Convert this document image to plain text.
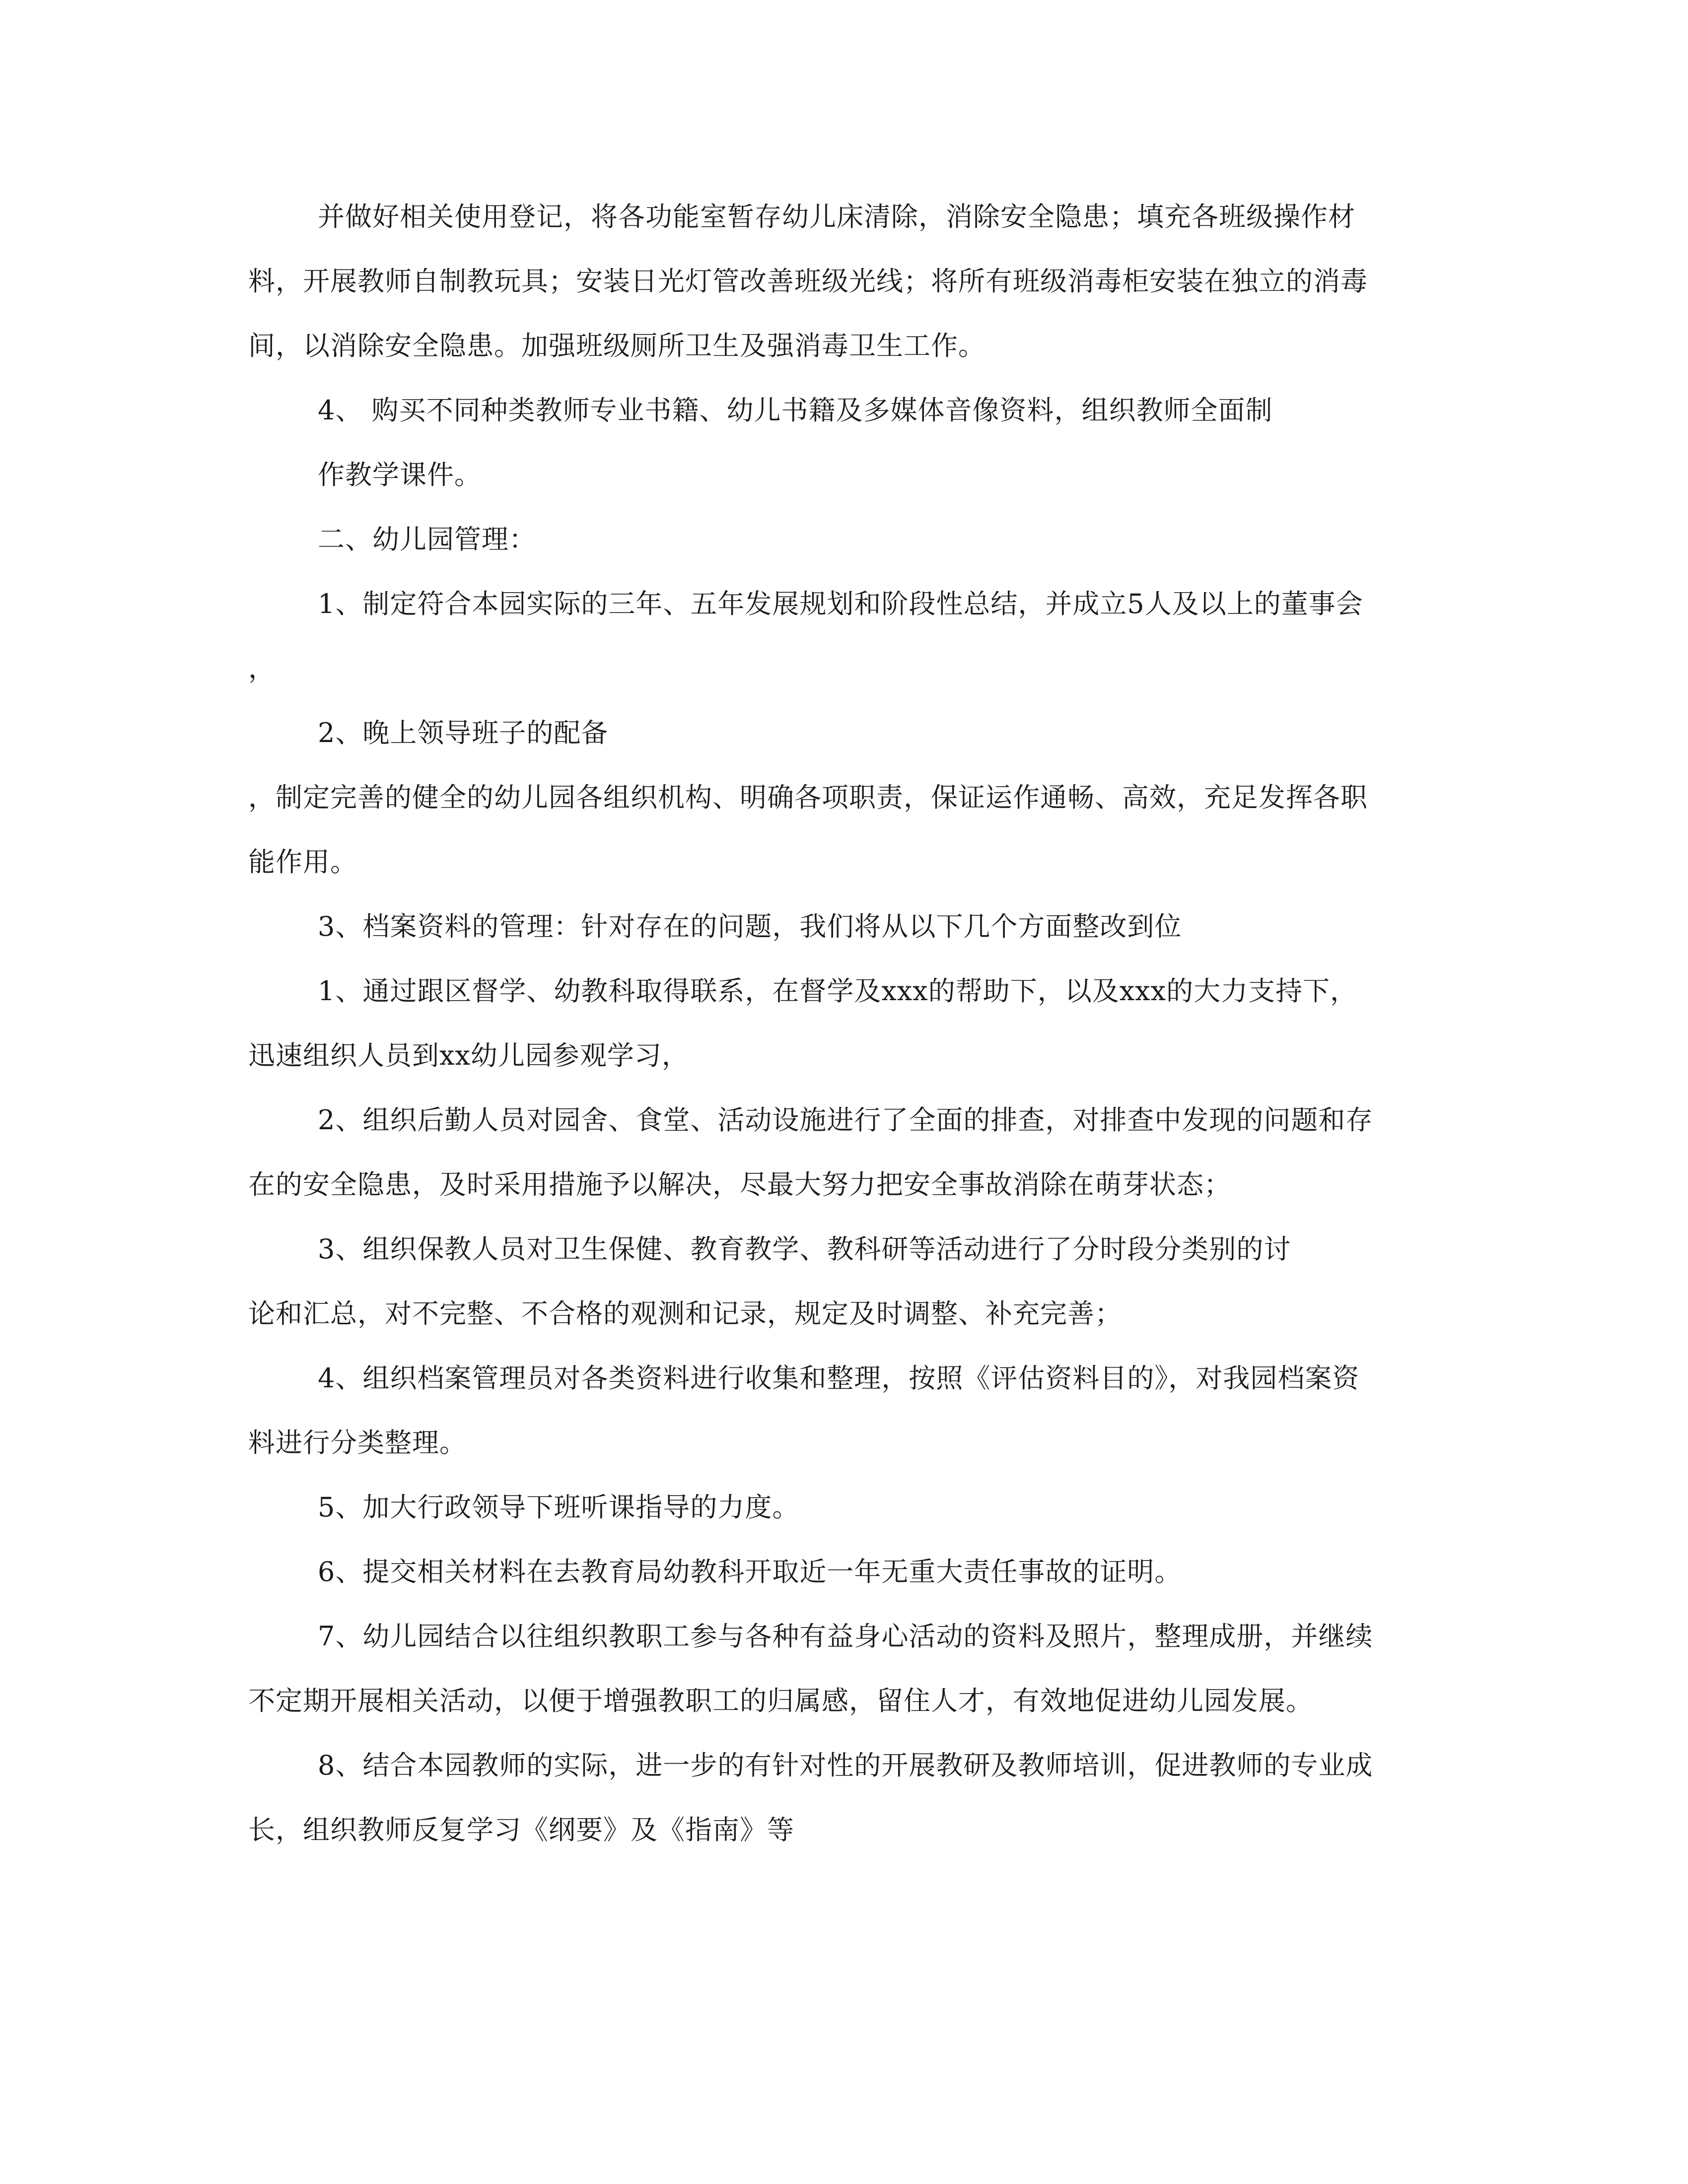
并做好相关使用登记，将各功能室暂存幼儿床清除，消除安全隐患；填充各班级操作材
料，开展教师自制教玩具；安装日光灯管改善班级光线；将所有班级消毒柜安装在独立的消毒
间，以消除安全隐患。加强班级厕所卫生及强消毒卫生工作。
4、 购买不同种类教师专业书籍、幼儿书籍及多媒体音像资料，组织教师全面制
作教学课件。
二、幼儿园管理：
1、制定符合本园实际的三年、五年发展规划和阶段性总结，并成立5人及以上的董事会
，
2、晚上领导班子的配备
，制定完善的健全的幼儿园各组织机构、明确各项职责，保证运作通畅、高效，充足发挥各职
能作用。
3、档案资料的管理：针对存在的问题，我们将从以下几个方面整改到位
1、通过跟区督学、幼教科取得联系，在督学及xxx的帮助下，以及xxx的大力支持下，
迅速组织人员到xx幼儿园参观学习，
2、组织后勤人员对园舍、食堂、活动设施进行了全面的排查，对排查中发现的问题和存
在的安全隐患，及时采用措施予以解决，尽最大努力把安全事故消除在萌芽状态；
3、组织保教人员对卫生保健、教育教学、教科研等活动进行了分时段分类别的讨
论和汇总，对不完整、不合格的观测和记录，规定及时调整、补充完善；
4、组织档案管理员对各类资料进行收集和整理，按照《评估资料目的》，对我园档案资
料进行分类整理。
5、加大行政领导下班听课指导的力度。
6、提交相关材料在去教育局幼教科开取近一年无重大责任事故的证明。
7、幼儿园结合以往组织教职工参与各种有益身心活动的资料及照片，整理成册，并继续
不定期开展相关活动，以便于增强教职工的归属感，留住人才，有效地促进幼儿园发展。
8、结合本园教师的实际，进一步的有针对性的开展教研及教师培训，促进教师的专业成
长，组织教师反复学习《纲要》及《指南》等
